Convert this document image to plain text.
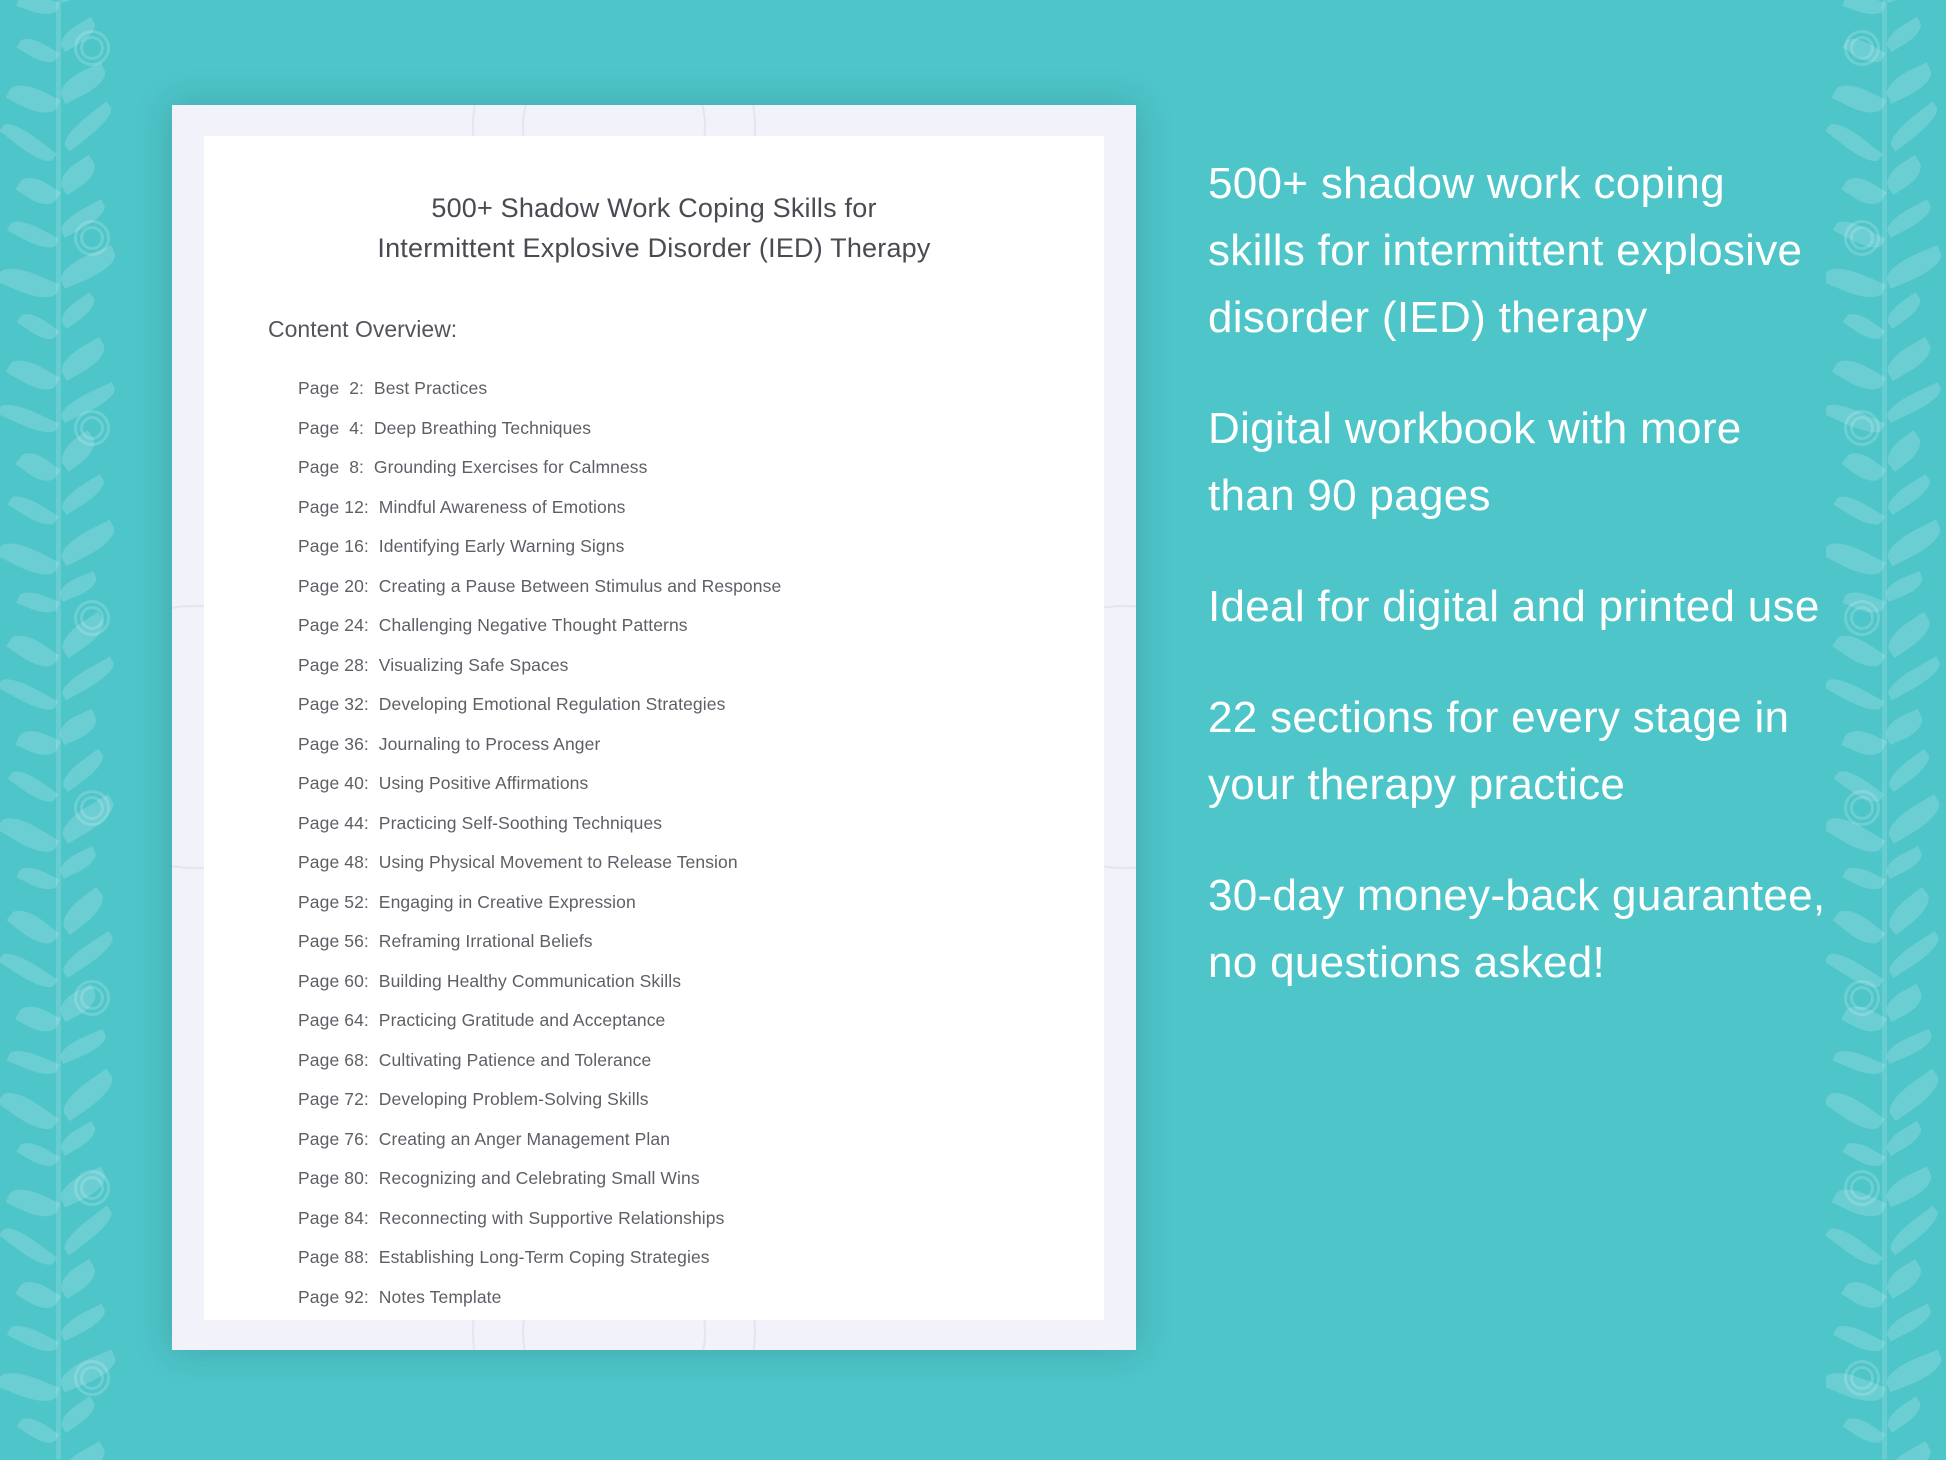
500+ Shadow Work Coping Skills for
Intermittent Explosive Disorder (IED) Therapy

Content Overview:

Page  2:  Best Practices
Page  4:  Deep Breathing Techniques
Page  8:  Grounding Exercises for Calmness
Page 12:  Mindful Awareness of Emotions
Page 16:  Identifying Early Warning Signs
Page 20:  Creating a Pause Between Stimulus and Response
Page 24:  Challenging Negative Thought Patterns
Page 28:  Visualizing Safe Spaces
Page 32:  Developing Emotional Regulation Strategies
Page 36:  Journaling to Process Anger
Page 40:  Using Positive Affirmations
Page 44:  Practicing Self-Soothing Techniques
Page 48:  Using Physical Movement to Release Tension
Page 52:  Engaging in Creative Expression
Page 56:  Reframing Irrational Beliefs
Page 60:  Building Healthy Communication Skills
Page 64:  Practicing Gratitude and Acceptance
Page 68:  Cultivating Patience and Tolerance
Page 72:  Developing Problem-Solving Skills
Page 76:  Creating an Anger Management Plan
Page 80:  Recognizing and Celebrating Small Wins
Page 84:  Reconnecting with Supportive Relationships
Page 88:  Establishing Long-Term Coping Strategies
Page 92:  Notes Template

500+ shadow work coping skills for intermittent explosive disorder (IED) therapy

Digital workbook with more than 90 pages

Ideal for digital and printed use

22 sections for every stage in your therapy practice

30-day money-back guarantee, no questions asked!
